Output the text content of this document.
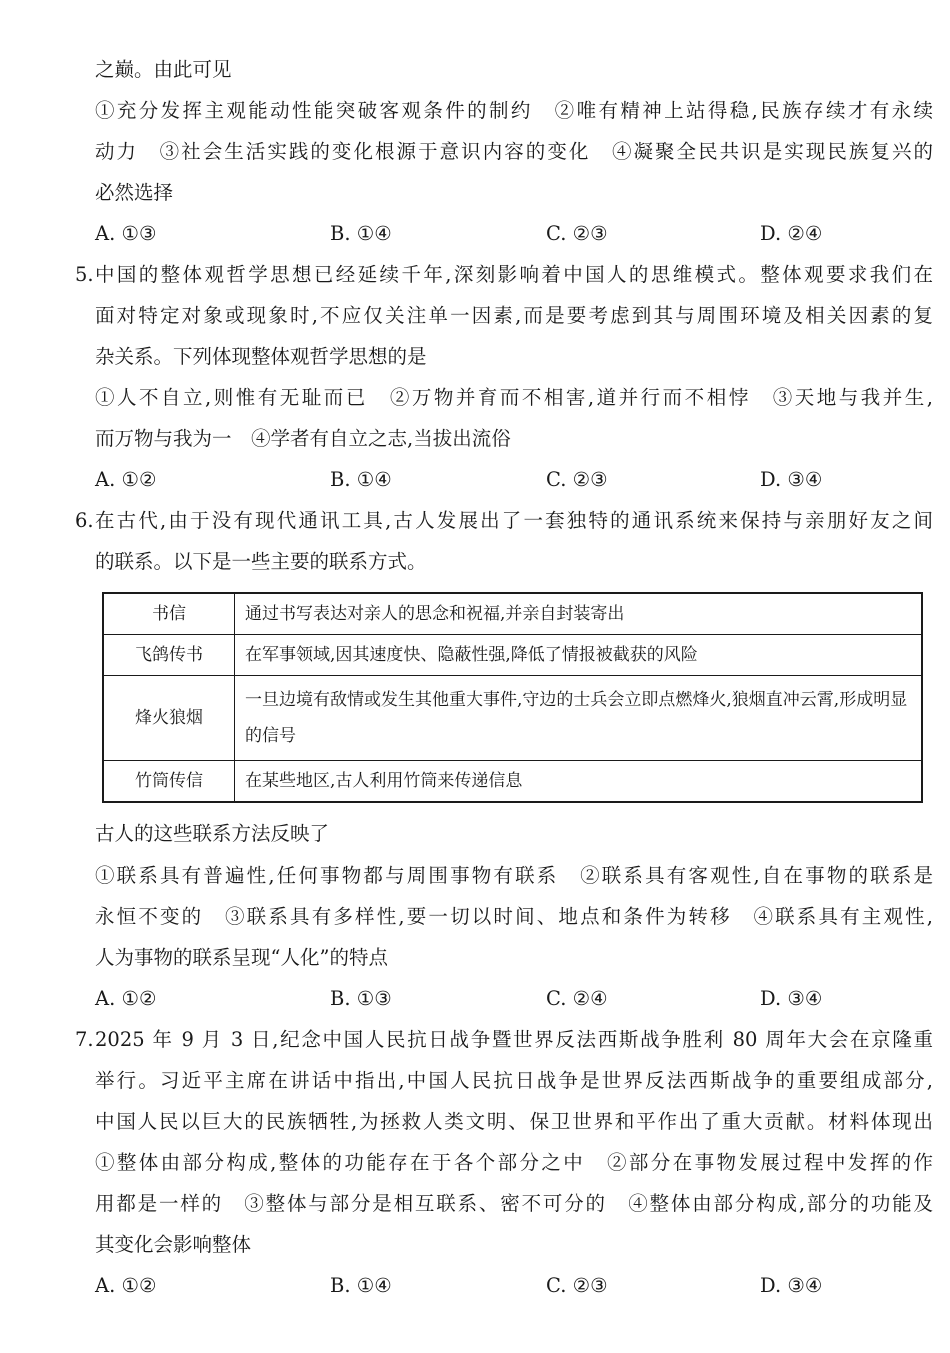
之巅。由此可见
①充分发挥主观能动性能突破客观条件的制约　②唯有精神上站得稳,民族存续才有永续
动力　③社会生活实践的变化根源于意识内容的变化　④凝聚全民共识是实现民族复兴的
必然选择
A. ①③	B. ①④	C. ②③	D. ②④
5. 中国的整体观哲学思想已经延续千年,深刻影响着中国人的思维模式。整体观要求我们在
面对特定对象或现象时,不应仅关注单一因素,而是要考虑到其与周围环境及相关因素的复
杂关系。下列体现整体观哲学思想的是
①人不自立,则惟有无耻而已　②万物并育而不相害,道并行而不相悖　③天地与我并生,
而万物与我为一　④学者有自立之志,当拔出流俗
A. ①②	B. ①④	C. ②③	D. ③④
6. 在古代,由于没有现代通讯工具,古人发展出了一套独特的通讯系统来保持与亲朋好友之间
的联系。以下是一些主要的联系方式。
书信	通过书写表达对亲人的思念和祝福,并亲自封装寄出
飞鸽传书	在军事领域,因其速度快、隐蔽性强,降低了情报被截获的风险
烽火狼烟	一旦边境有敌情或发生其他重大事件,守边的士兵会立即点燃烽火,狼烟直冲云霄,形成明显的信号
竹筒传信	在某些地区,古人利用竹筒来传递信息
古人的这些联系方法反映了
①联系具有普遍性,任何事物都与周围事物有联系　②联系具有客观性,自在事物的联系是
永恒不变的　③联系具有多样性,要一切以时间、地点和条件为转移　④联系具有主观性,
人为事物的联系呈现“人化”的特点
A. ①②	B. ①③	C. ②④	D. ③④
7. 2025 年 9 月 3 日,纪念中国人民抗日战争暨世界反法西斯战争胜利 80 周年大会在京隆重
举行。习近平主席在讲话中指出,中国人民抗日战争是世界反法西斯战争的重要组成部分,
中国人民以巨大的民族牺牲,为拯救人类文明、保卫世界和平作出了重大贡献。材料体现出
①整体由部分构成,整体的功能存在于各个部分之中　②部分在事物发展过程中发挥的作
用都是一样的　③整体与部分是相互联系、密不可分的　④整体由部分构成,部分的功能及
其变化会影响整体
A. ①②	B. ①④	C. ②③	D. ③④
